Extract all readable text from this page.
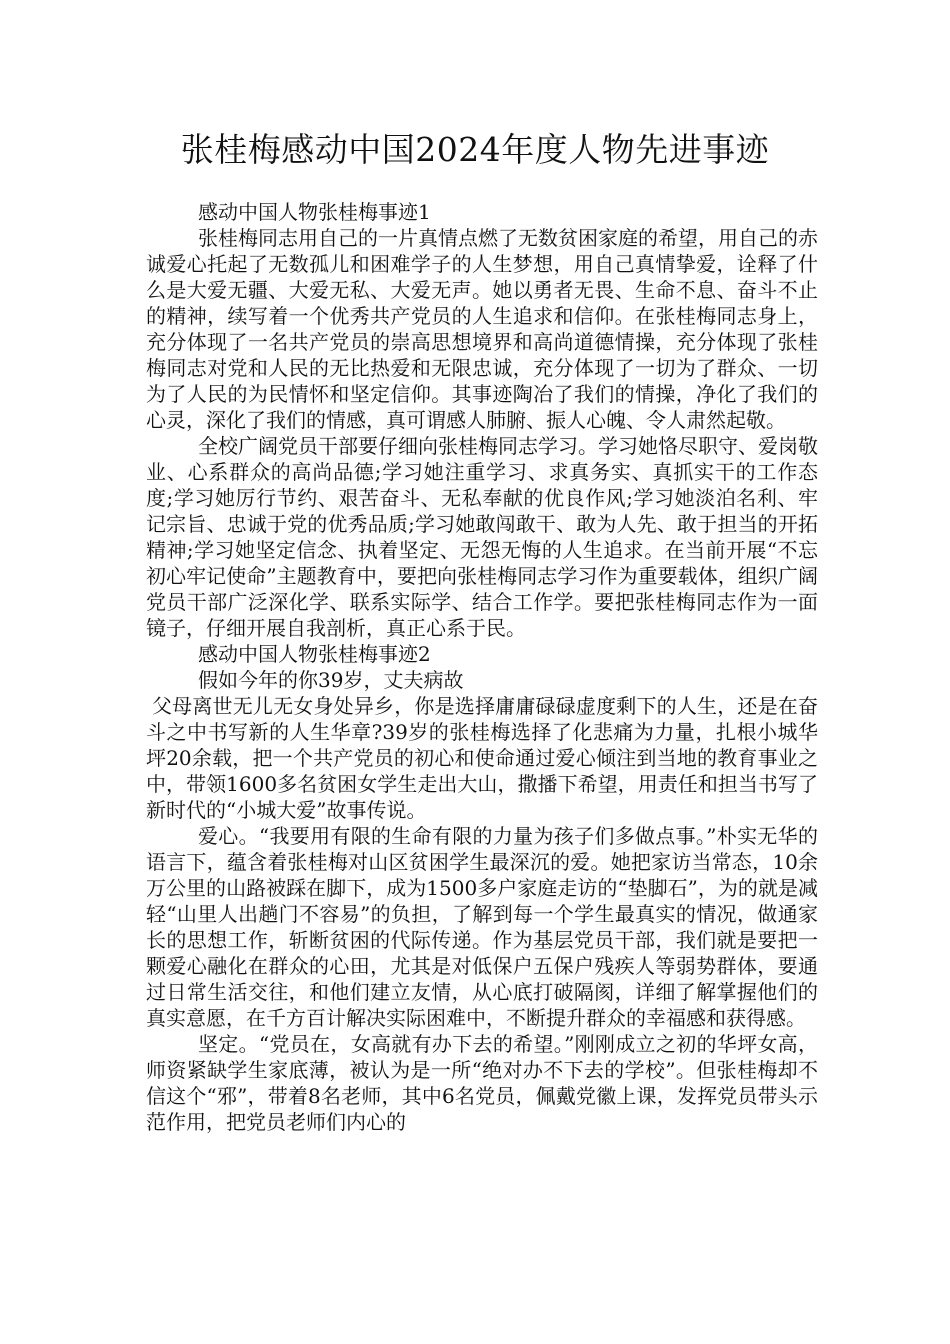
张桂梅感动中国2024年度人物先进事迹

感动中国人物张桂梅事迹1

张桂梅同志用自己的一片真情点燃了无数贫困家庭的希望，用自己的赤诚爱心托起了无数孤儿和困难学子的人生梦想，用自己真情挚爱，诠释了什么是大爱无疆、大爱无私、大爱无声。她以勇者无畏、生命不息、奋斗不止的精神，续写着一个优秀共产党员的人生追求和信仰。在张桂梅同志身上，充分体现了一名共产党员的崇高思想境界和高尚道德情操，充分体现了张桂梅同志对党和人民的无比热爱和无限忠诚，充分体现了一切为了群众、一切为了人民的为民情怀和坚定信仰。其事迹陶冶了我们的情操，净化了我们的心灵，深化了我们的情感，真可谓感人肺腑、振人心魄、令人肃然起敬。

全校广阔党员干部要仔细向张桂梅同志学习。学习她恪尽职守、爱岗敬业、心系群众的高尚品德;学习她注重学习、求真务实、真抓实干的工作态度;学习她厉行节约、艰苦奋斗、无私奉献的优良作风;学习她淡泊名利、牢记宗旨、忠诚于党的优秀品质;学习她敢闯敢干、敢为人先、敢于担当的开拓精神;学习她坚定信念、执着坚定、无怨无悔的人生追求。在当前开展“不忘初心牢记使命”主题教育中，要把向张桂梅同志学习作为重要载体，组织广阔党员干部广泛深化学、联系实际学、结合工作学。要把张桂梅同志作为一面镜子，仔细开展自我剖析，真正心系于民。

感动中国人物张桂梅事迹2

假如今年的你39岁，丈夫病故

父母离世无儿无女身处异乡，你是选择庸庸碌碌虚度剩下的人生，还是在奋斗之中书写新的人生华章?39岁的张桂梅选择了化悲痛为力量，扎根小城华坪20余载，把一个共产党员的初心和使命通过爱心倾注到当地的教育事业之中，带领1600多名贫困女学生走出大山，撒播下希望，用责任和担当书写了新时代的“小城大爱”故事传说。

爱心。“我要用有限的生命有限的力量为孩子们多做点事。”朴实无华的语言下，蕴含着张桂梅对山区贫困学生最深沉的爱。她把家访当常态，10余万公里的山路被踩在脚下，成为1500多户家庭走访的“垫脚石”，为的就是减轻“山里人出趟门不容易”的负担，了解到每一个学生最真实的情况，做通家长的思想工作，斩断贫困的代际传递。作为基层党员干部，我们就是要把一颗爱心融化在群众的心田，尤其是对低保户五保户残疾人等弱势群体，要通过日常生活交往，和他们建立友情，从心底打破隔阂，详细了解掌握他们的真实意愿，在千方百计解决实际困难中，不断提升群众的幸福感和获得感。

坚定。“党员在，女高就有办下去的希望。”刚刚成立之初的华坪女高，师资紧缺学生家底薄，被认为是一所“绝对办不下去的学校”。但张桂梅却不信这个“邪”，带着8名老师，其中6名党员，佩戴党徽上课，发挥党员带头示范作用，把党员老师们内心的
